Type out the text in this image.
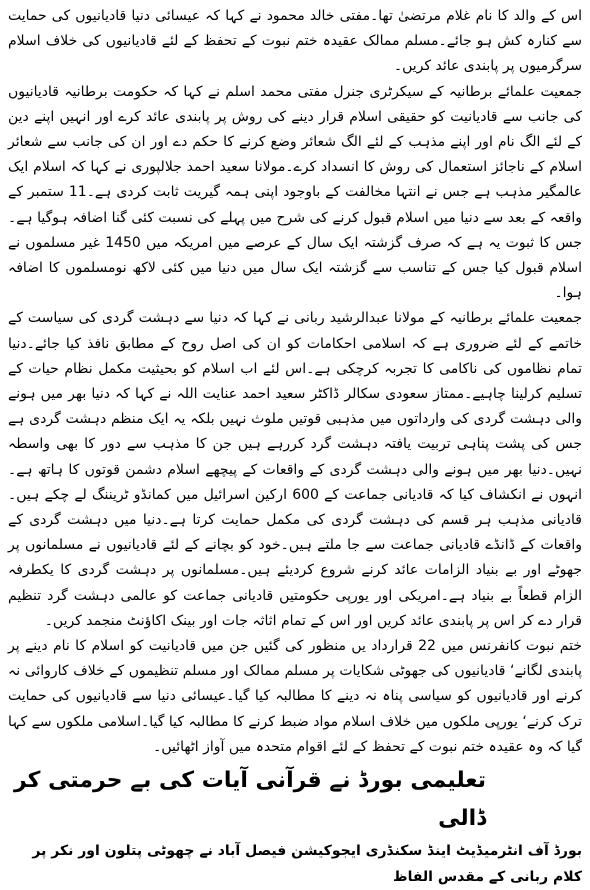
اس کے والد کا نام غلام مرتضیٰ تھا۔مفتی خالد محمود نے کہا کہ عیسائی دنیا قادیانیوں کی حمایت سے کنارہ کش ہو جائے۔مسلم ممالک عقیدہ ختم نبوت کے تحفظ کے لئے قادیانیوں کی خلاف اسلام سرگرمیوں پر پابندی عائد کریں۔

جمعیت علمائے برطانیہ کے سیکرٹری جنرل مفتی محمد اسلم نے کہا کہ حکومت برطانیہ قادیانیوں کی جانب سے قادیانیت کو حقیقی اسلام قرار دینے کی روش پر پابندی عائد کرے اور انہیں اپنے دین کے لئے الگ نام اور اپنے مذہب کے لئے الگ شعائر وضع کرنے کا حکم دے اور ان کی جانب سے شعائر اسلام کے ناجائز استعمال کی روش کا انسداد کرے۔مولانا سعید احمد جلالپوری نے کہا کہ اسلام ایک عالمگیر مذہب ہے جس نے انتہا مخالفت کے باوجود اپنی ہمہ گیریت ثابت کردی ہے۔11 ستمبر کے واقعہ کے بعد سے دنیا میں اسلام قبول کرنے کی شرح میں پہلے کی نسبت کئی گنا اضافہ ہوگیا ہے۔ جس کا ثبوت یہ ہے کہ صرف گزشتہ ایک سال کے عرصے میں امریکہ میں 1450 غیر مسلموں نے اسلام قبول کیا جس کے تناسب سے گزشتہ ایک سال میں دنیا میں کئی لاکھ نومسلموں کا اضافہ ہوا۔

جمعیت علمائے برطانیہ کے مولانا عبدالرشید ربانی نے کہا کہ دنیا سے دہشت گردی کی سیاست کے خاتمے کے لئے ضروری ہے کہ اسلامی احکامات کو ان کی اصل روح کے مطابق نافذ کیا جائے۔دنیا تمام نظاموں کی ناکامی کا تجربہ کرچکی ہے۔اس لئے اب اسلام کو بحیثیت مکمل نظام حیات کے تسلیم کرلینا چاہیے۔ممتاز سعودی سکالر ڈاکٹر سعید احمد عنایت اللہ نے کہا کہ دنیا بھر میں ہونے والی دہشت گردی کی وارداتوں میں مذہبی قوتیں ملوث نہیں بلکہ یہ ایک منظم دہشت گردی ہے جس کی پشت پناہی تربیت یافتہ دہشت گرد کررہے ہیں جن کا مذہب سے دور کا بھی واسطہ نہیں۔دنیا بھر میں ہونے والی دہشت گردی کے واقعات کے پیچھے اسلام دشمن قوتوں کا ہاتھ ہے۔انہوں نے انکشاف کیا کہ قادیانی جماعت کے 600 ارکین اسرائیل میں کمانڈو ٹریننگ لے چکے ہیں۔قادیانی مذہب ہر قسم کی دہشت گردی کی مکمل حمایت کرتا ہے۔دنیا میں دہشت گردی کے واقعات کے ڈانڈے قادیانی جماعت سے جا ملتے ہیں۔خود کو بچانے کے لئے قادیانیوں نے مسلمانوں پر جھوٹے اور بے بنیاد الزامات عائد کرنے شروع کردیئے ہیں۔مسلمانوں پر دہشت گردی کا یکطرفہ الزام قطعاً بے بنیاد ہے۔امریکی اور یورپی حکومتیں قادیانی جماعت کو عالمی دہشت گرد تنظیم قرار دے کر اس پر پابندی عائد کریں اور اس کے تمام اثاثہ جات اور بینک اکاؤنٹ منجمد کریں۔

ختم نبوت کانفرنس میں 22 قرارداد یں منظور کی گئیں جن میں قادیانیت کو اسلام کا نام دینے پر پابندی لگانے‘ قادیانیوں کی جھوٹی شکایات پر مسلم ممالک اور مسلم تنظیموں کے خلاف کاروائی نہ کرنے اور قادیانیوں کو سیاسی پناہ نہ دینے کا مطالبہ کیا گیا۔عیسائی دنیا سے قادیانیوں کی حمایت ترک کرنے‘ یورپی ملکوں میں خلاف اسلام مواد ضبط کرنے کا مطالبہ کیا گیا۔اسلامی ملکوں سے کہا گیا کہ وہ عقیدہ ختم نبوت کے تحفظ کے لئے اقوام متحدہ میں آواز اٹھائیں۔

تعلیمی بورڈ نے قرآنی آیات کی بے حرمتی کر ڈالی

بورڈ آف انٹرمیڈیٹ اینڈ سکنڈری ایجوکیشن فیصل آباد نے چھوٹی پتلون اور نکر پر کلام ربانی کے مقدس الفاظ
